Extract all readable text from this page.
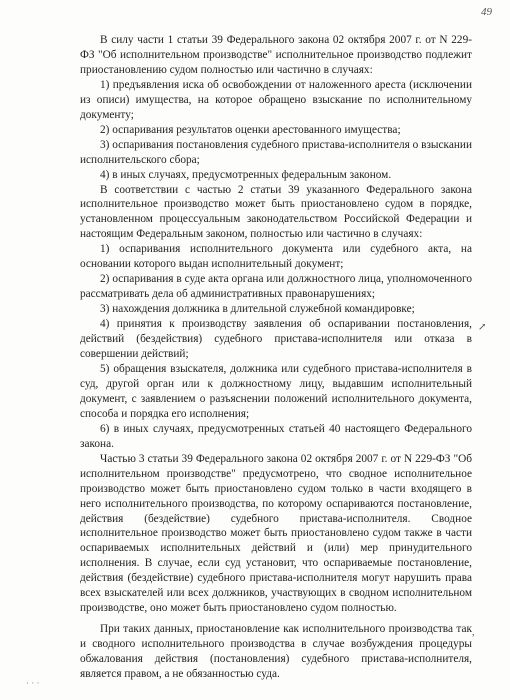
49

В силу части 1 статьи 39 Федерального закона 02 октября 2007 г. от N 229-ФЗ "Об исполнительном производстве" исполнительное производство подлежит приостановлению судом полностью или частично в случаях:

1) предъявления иска об освобождении от наложенного ареста (исключении из описи) имущества, на которое обращено взыскание по исполнительному документу;

2) оспаривания результатов оценки арестованного имущества;

3) оспаривания постановления судебного пристава-исполнителя о взыскании исполнительского сбора;

4) в иных случаях, предусмотренных федеральным законом.

В соответствии с частью 2 статьи 39 указанного Федерального закона исполнительное производство может быть приостановлено судом в порядке, установленном процессуальным законодательством Российской Федерации и настоящим Федеральным законом, полностью или частично в случаях:

1) оспаривания исполнительного документа или судебного акта, на основании которого выдан исполнительный документ;

2) оспаривания в суде акта органа или должностного лица, уполномоченного рассматривать дела об административных правонарушениях;

3) нахождения должника в длительной служебной командировке;

4) принятия к производству заявления об оспаривании постановления, действий (бездействия) судебного пристава-исполнителя или отказа в совершении действий;

5) обращения взыскателя, должника или судебного пристава-исполнителя в суд, другой орган или к должностному лицу, выдавшим исполнительный документ, с заявлением о разъяснении положений исполнительного документа, способа и порядка его исполнения;

6) в иных случаях, предусмотренных статьей 40 настоящего Федерального закона.

Частью 3 статьи 39 Федерального закона 02 октября 2007 г. от N 229-ФЗ "Об исполнительном производстве" предусмотрено, что сводное исполнительное производство может быть приостановлено судом только в части входящего в него исполнительного производства, по которому оспариваются постановление, действия (бездействие) судебного пристава-исполнителя. Сводное исполнительное производство может быть приостановлено судом также в части оспариваемых исполнительных действий и (или) мер принудительного исполнения. В случае, если суд установит, что оспариваемые постановление, действия (бездействие) судебного пристава-исполнителя могут нарушить права всех взыскателей или всех должников, участвующих в сводном исполнительном производстве, оно может быть приостановлено судом полностью.

При таких данных, приостановление как исполнительного производства так и сводного исполнительного производства в случае возбуждения процедуры обжалования действия (постановления) судебного пристава-исполнителя, является правом, а не обязанностью суда.

↗
,
· · ·
